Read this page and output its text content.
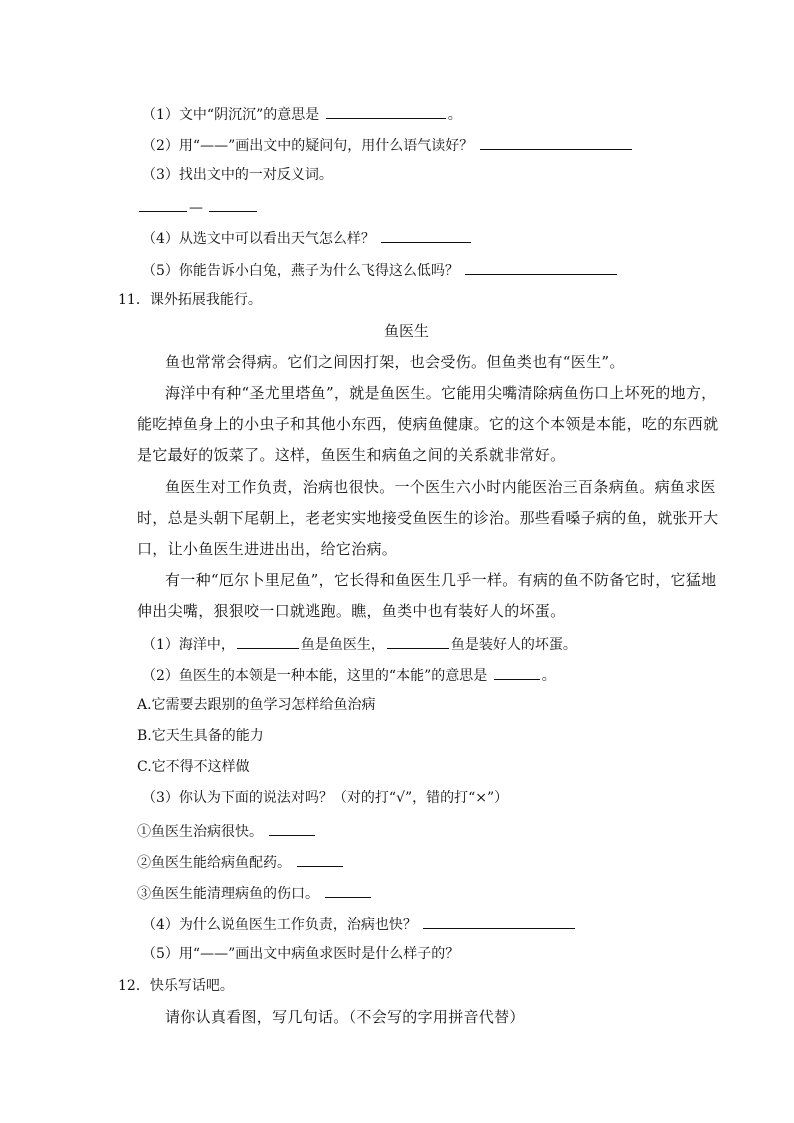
（1）文中“阴沉沉”的意思是	。
（2）用“——”画出文中的疑问句，用什么语气读好？
（3）找出文中的一对反义词。
—
（4）从选文中可以看出天气怎么样？
（5）你能告诉小白兔，燕子为什么飞得这么低吗？
11．课外拓展我能行。
鱼医生
鱼也常常会得病。它们之间因打架，也会受伤。但鱼类也有“医生”。
海洋中有种“圣尤里塔鱼”，就是鱼医生。它能用尖嘴清除病鱼伤口上坏死的地方，
能吃掉鱼身上的小虫子和其他小东西，使病鱼健康。它的这个本领是本能，吃的东西就
是它最好的饭菜了。这样，鱼医生和病鱼之间的关系就非常好。
鱼医生对工作负责，治病也很快。一个医生六小时内能医治三百条病鱼。病鱼求医
时，总是头朝下尾朝上，老老实实地接受鱼医生的诊治。那些看嗓子病的鱼，就张开大
口，让小鱼医生进进出出，给它治病。
有一种“厄尔卜里尼鱼”，它长得和鱼医生几乎一样。有病的鱼不防备它时，它猛地
伸出尖嘴，狠狠咬一口就逃跑。瞧，鱼类中也有装好人的坏蛋。
（1）海洋中，	鱼是鱼医生，	鱼是装好人的坏蛋。
（2）鱼医生的本领是一种本能，这里的“本能”的意思是	。
A.它需要去跟别的鱼学习怎样给鱼治病
B.它天生具备的能力
C.它不得不这样做
（3）你认为下面的说法对吗？（对的打“√”，错的打“×”）
①鱼医生治病很快。
②鱼医生能给病鱼配药。
③鱼医生能清理病鱼的伤口。
（4）为什么说鱼医生工作负责，治病也快？
（5）用“——”画出文中病鱼求医时是什么样子的？
12．快乐写话吧。
请你认真看图，写几句话。（不会写的字用拼音代替）
